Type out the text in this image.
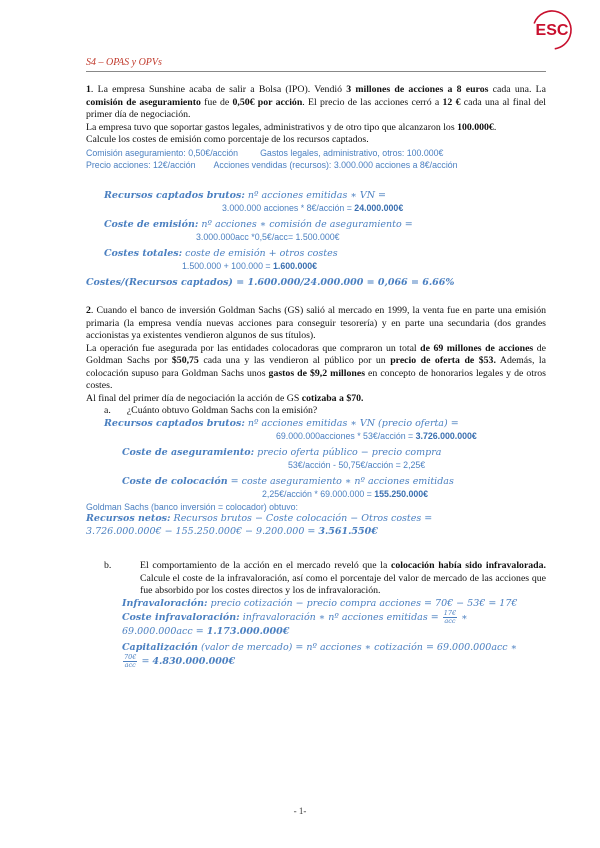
ESC
S4 – OPAS y OPVs

1. La empresa Sunshine acaba de salir a Bolsa (IPO). Vendió 3 millones de acciones a 8 euros cada una. La comisión de aseguramiento fue de 0,50€ por acción. El precio de las acciones cerró a 12 € cada una al final del primer día de negociación.

La empresa tuvo que soportar gastos legales, administrativos y de otro tipo que alcanzaron los 100.000€.

Calcule los costes de emisión como porcentaje de los recursos captados.

Comisión aseguramiento: 0,50€/acción	Gastos legales, administrativo, otros: 100.000€
Precio acciones: 12€/acción Acciones vendidas (recursos): 3.000.000 acciones a 8€/acción
Recursos captados brutos: nº acciones emitidas ∗ VN =
3.000.000 acciones * 8€/acción = 24.000.000€
Coste de emisión: nº acciones ∗ comisión de aseguramiento =
3.000.000acc *0,5€/acc= 1.500.000€
Costes totales: coste de emisión + otros costes
1.500.000 + 100.000 = 1.600.000€
Costes/(Recursos captados) = 1.600.000/24.000.000 = 0,066 = 6.66%

2. Cuando el banco de inversión Goldman Sachs (GS) salió al mercado en 1999, la venta fue en parte una emisión primaria (la empresa vendía nuevas acciones para conseguir tesorería) y en parte una secundaria (dos grandes accionistas ya existentes vendieron algunos de sus títulos).

La operación fue asegurada por las entidades colocadoras que compraron un total de 69 millones de acciones de Goldman Sachs por $50,75 cada una y las vendieron al público por un precio de oferta de $53. Además, la colocación supuso para Goldman Sachs unos gastos de $9,2 millones en concepto de honorarios legales y de otros costes.

Al final del primer día de negociación la acción de GS cotizaba a $70.

a. ¿Cuánto obtuvo Goldman Sachs con la emisión?
Recursos captados brutos: nº acciones emitidas ∗ VN (precio oferta) =
69.000.000acciones * 53€/acción = 3.726.000.000€
Coste de aseguramiento: precio oferta público − precio compra
53€/acción - 50,75€/acción = 2,25€
Coste de colocación = coste aseguramiento ∗ nº acciones emitidas
2,25€/acción * 69.000.000 = 155.250.000€
Goldman Sachs (banco inversión = colocador) obtuvo:
Recursos netos: Recursos brutos − Coste colocación − Otros costes =
3.726.000.000€ − 155.250.000€ − 9.200.000 = 3.561.550€
b.	El comportamiento de la acción en el mercado reveló que la colocación había sido infravalorada. Calcule el coste de la infravaloración, así como el porcentaje del valor de mercado de las acciones que fue absorbido por los costes directos y los de infravaloración.

Infravaloración: precio cotización − precio compra acciones = 70€ − 53€ = 17€
Coste infravaloración: infravaloración ∗ nº acciones emitidas = $\frac{17€}{\text{acc}}$ ∗
69.000.000acc = 1.173.000.000€
Capitalización (valor de mercado) = nº acciones ∗ cotización = 69.000.000acc ∗
$\frac{70€}{\text{acc}}$ = 4.830.000.000€
- 1-
